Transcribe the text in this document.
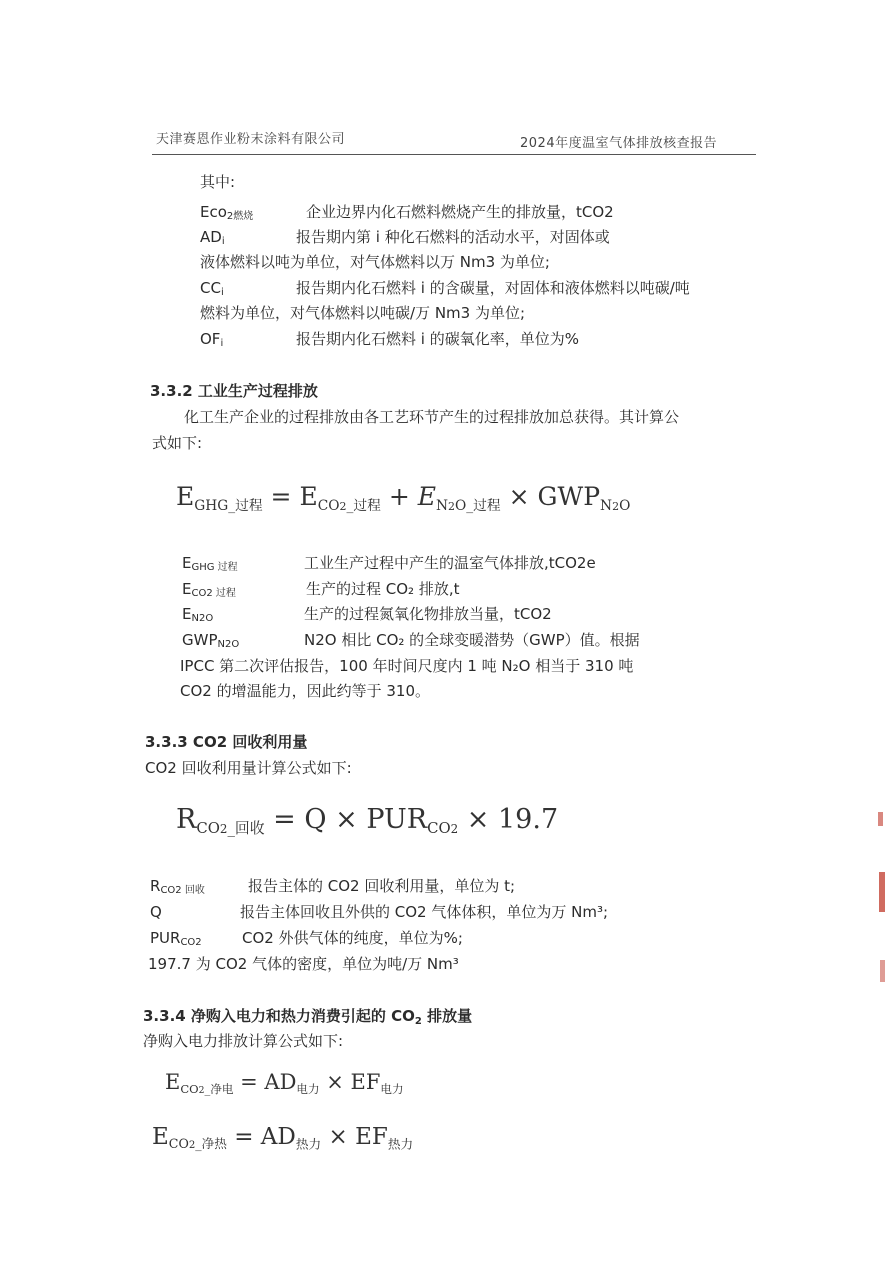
天津赛恩作业粉末涂料有限公司	2024年度温室气体排放核查报告
其中:
Eco2燃烧	企业边界内化石燃料燃烧产生的排放量，tCO2
ADi	报告期内第 i 种化石燃料的活动水平，对固体或
液体燃料以吨为单位，对气体燃料以万 Nm3 为单位;
CCi	报告期内化石燃料 i 的含碳量，对固体和液体燃料以吨碳/吨
燃料为单位，对气体燃料以吨碳/万 Nm3 为单位;
OFi	报告期内化石燃料 i 的碳氧化率，单位为%
3.3.2 工业生产过程排放
化工生产企业的过程排放由各工艺环节产生的过程排放加总获得。其计算公
式如下:
$E_{GHG\_过程} = E_{CO2\_过程} + E_{N2O\_过程} \times GWP_{N2O}$
EGHG 过程	工业生产过程中产生的温室气体排放,tCO2e
ECO2 过程	生产的过程 CO₂ 排放,t
EN2O	生产的过程氮氧化物排放当量，tCO2
GWPN2O	N2O 相比 CO₂ 的全球变暖潜势（GWP）值。根据
IPCC 第二次评估报告，100 年时间尺度内 1 吨 N₂O 相当于 310 吨
CO2 的增温能力，因此约等于 310。
3.3.3 CO2 回收利用量
CO2 回收利用量计算公式如下:
$R_{CO2\_回收} = Q \times PUR_{CO2} \times 19.7$
RCO2 回收	报告主体的 CO2 回收利用量，单位为 t;
Q	报告主体回收且外供的 CO2 气体体积，单位为万 Nm³;
PURCO2	CO2 外供气体的纯度，单位为%;
197.7 为 CO2 气体的密度，单位为吨/万 Nm³
3.3.4 净购入电力和热力消费引起的 $CO_2$ 排放量
净购入电力排放计算公式如下:
$E_{CO2\_净电} = AD_{电力} \times EF_{电力}$
$E_{CO2\_净热} = AD_{热力} \times EF_{热力}$
